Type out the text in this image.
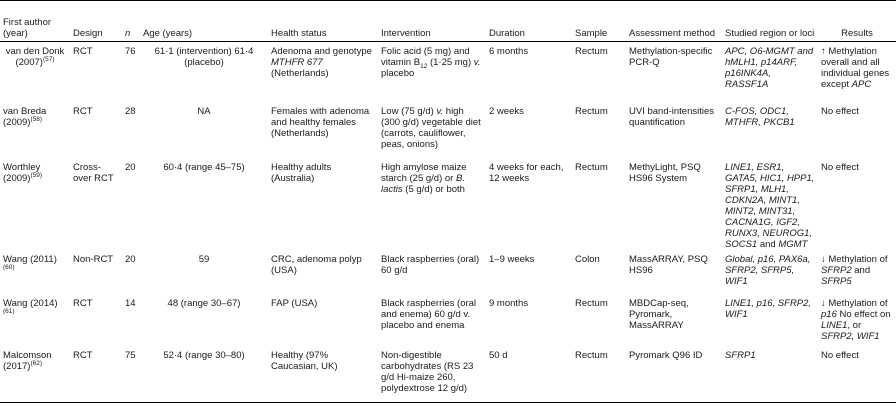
First author (year)	Design	n	Age (years)	Health status	Intervention	Duration	Sample	Assessment method	Studied region or loci	Results
van den Donk $(2007)^{(57)}$	RCT	76	61·1 (intervention) 61·4 (placebo)	Adenoma and genotype MTHFR 677 (Netherlands)	Folic acid (5 mg) and vitamin $B_{12}$ (1·25 mg) v. placebo	6 months	Rectum	Methylation-specific PCR-Q	APC, O6-MGMT and hMLH1, p14ARF, p16INK4A, RASSF1A	↑ Methylation overall and all individual genes except APC
van Breda $(2009)^{(58)}$	RCT	28	NA	Females with adenoma and healthy females (Netherlands)	Low (75 g/d) v. high (300 g/d) vegetable diet (carrots, cauliflower, peas, onions)	2 weeks	Rectum	UVI band-intensities quantification	C-FOS, ODC1, MTHFR, PKCB1	No effect
Worthley $(2009)^{(59)}$	Cross-over RCT	20	60·4 (range 45–75)	Healthy adults (Australia)	High amylose maize starch (25 g/d) or B. lactis (5 g/d) or both	4 weeks for each, 12 weeks	Rectum	MethyLight, PSQ HS96 System	LINE1, ESR1, GATA5, HIC1, HPP1, SFRP1, MLH1, CDKN2A, MINT1, MINT2, MINT31, CACNA1G, IGF2, RUNX3, NEUROG1, SOCS1 and MGMT	No effect
Wang $(2011)^{(60)}$	Non-RCT	20	59	CRC, adenoma polyp (USA)	Black raspberries (oral) 60 g/d	1–9 weeks	Colon	MassARRAY, PSQ HS96	Global, p16, PAX6a, SFRP2, SFRP5, WIF1	↓ Methylation of SFRP2 and SFRP5
Wang $(2014)^{(61)}$	RCT	14	48 (range 30–67)	FAP (USA)	Black raspberries (oral and enema) 60 g/d v. placebo and enema	9 months	Rectum	MBDCap-seq, Pyromark, MassARRAY	LINE1, p16, SFRP2, WIF1	↓ Methylation of p16 No effect on LINE1, or SFRP2, WIF1
Malcomson $(2017)^{(62)}$	RCT	75	52·4 (range 30–80)	Healthy (97% Caucasian, UK)	Non-digestible carbohydrates (RS 23 g/d Hi-maize 260, polydextrose 12 g/d)	50 d	Rectum	Pyromark Q96 ID	SFRP1	No effect
